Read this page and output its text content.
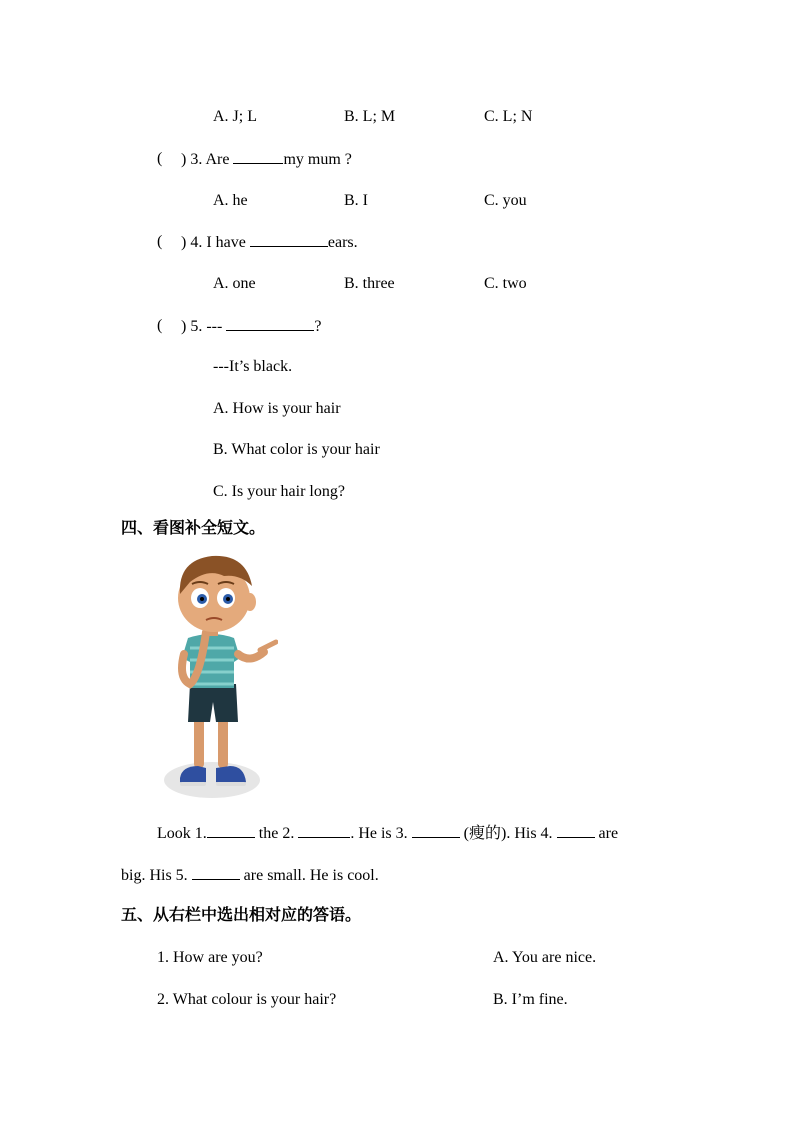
A. J; L	B. L; M	C. L; N
( ) 3. Are	my mum ?
A. he	B. I	C. you
( ) 4. I have	ears.
A. one	B. three	C. two
( ) 5. ---	?
---It’s black.
A. How is your hair
B. What color is your hair
C. Is your hair long?
四、看图补全短文。
Look 1.	the 2.	. He is 3.	(瘦的). His 4.	are
big. His 5.	are small. He is cool.
五、从右栏中选出相对应的答语。
1. How are you?	A. You are nice.
2. What colour is your hair?	B. I’m fine.
